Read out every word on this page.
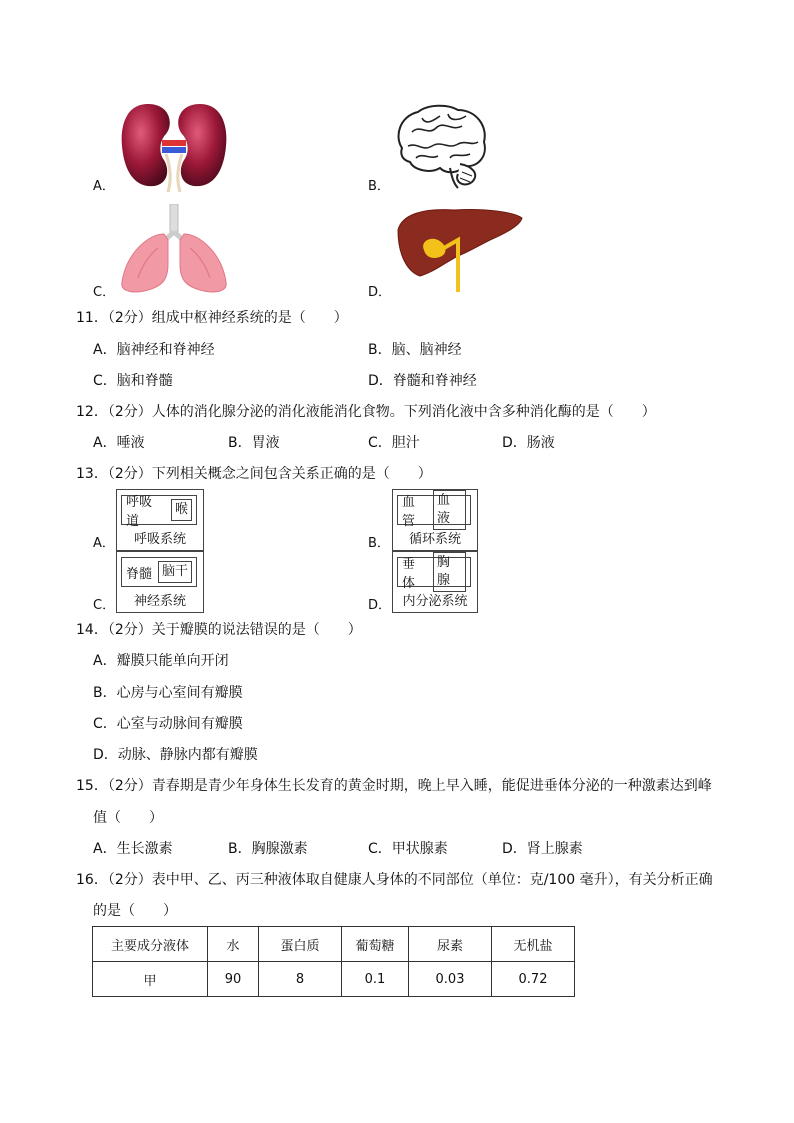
A．	B．
C．	D．
11．（2分）组成中枢神经系统的是（　　）
A．脑神经和脊神经	B．脑、脑神经
C．脑和脊髓	D．脊髓和脊神经
12．（2分）人体的消化腺分泌的消化液能消化食物。下列消化液中含多种消化酶的是（　　）
A．唾液	B．胃液	C．胆汁	D．肠液
13．（2分）下列相关概念之间包含关系正确的是（　　）
A．
呼吸道
喉
呼吸系统	B．
血管
血液
循环系统
C．
脊髓 脑干
神经系统	D．
垂体
胸腺
内分泌系统
14．（2分）关于瓣膜的说法错误的是（　　）
A．瓣膜只能单向开闭
B．心房与心室间有瓣膜
C．心室与动脉间有瓣膜
D．动脉、静脉内都有瓣膜
15．（2分）青春期是青少年身体生长发育的黄金时期，晚上早入睡，能促进垂体分泌的一种激素达到峰
值（　　）
A．生长激素	B．胸腺激素	C．甲状腺素	D．肾上腺素
16．（2分）表中甲、乙、丙三种液体取自健康人身体的不同部位（单位：克/100 毫升），有关分析正确
的是（　　）
主要成分液体	水	蛋白质	葡萄糖	尿素	无机盐
甲	90	8	0.1	0.03	0.72
